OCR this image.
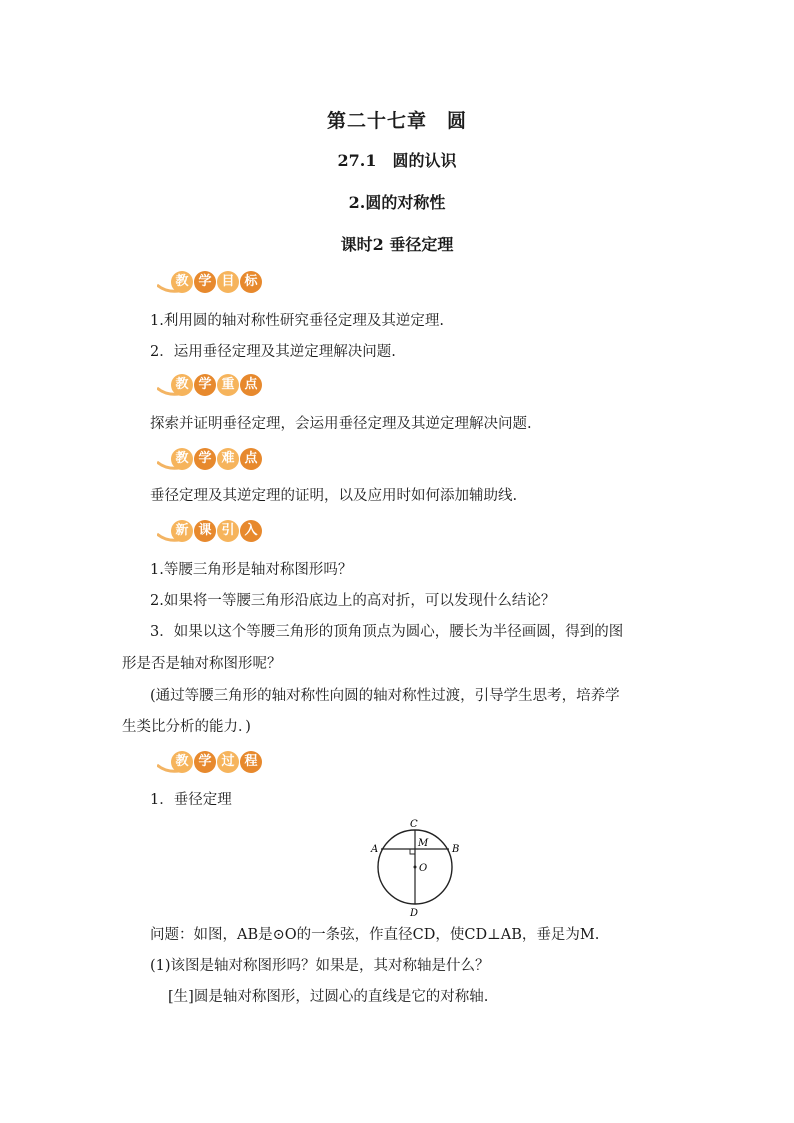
第二十七章　圆
27.1　圆的认识
2.圆的对称性
课时2 垂径定理
教 学 目 标
1.利用圆的轴对称性研究垂径定理及其逆定理.
2．运用垂径定理及其逆定理解决问题.
教 学 重 点
探索并证明垂径定理，会运用垂径定理及其逆定理解决问题.
教 学 难 点
垂径定理及其逆定理的证明，以及应用时如何添加辅助线.
新 课 引 入
1.等腰三角形是轴对称图形吗？
2.如果将一等腰三角形沿底边上的高对折，可以发现什么结论？
3．如果以这个等腰三角形的顶角顶点为圆心，腰长为半径画圆，得到的图
形是否是轴对称图形呢？
(通过等腰三角形的轴对称性向圆的轴对称性过渡，引导学生思考，培养学
生类比分析的能力．)
教 学 过 程
1．垂径定理
C
A	B
M
O
D
问题：如图，AB是⊙O的一条弦，作直径CD，使CD⊥AB，垂足为M.
(1)该图是轴对称图形吗？如果是，其对称轴是什么？
[生]圆是轴对称图形，过圆心的直线是它的对称轴.
